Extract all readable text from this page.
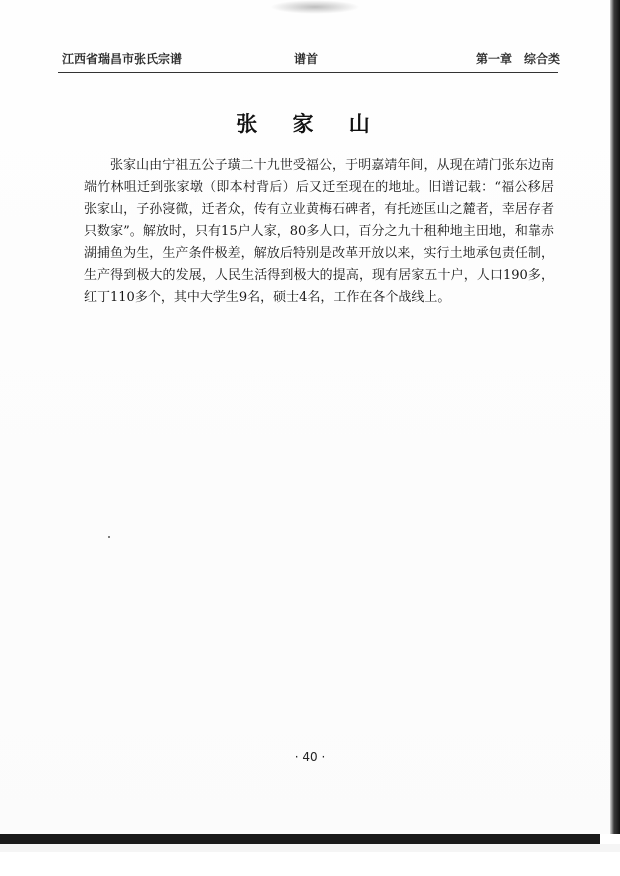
江西省瑞昌市张氏宗谱	谱首	第一章　综合类
张 家 山

张家山由宁祖五公子璜二十九世受福公，于明嘉靖年间，从现在靖门张东边南端竹林咀迁到张家墩（即本村背后）后又迁至现在的地址。旧谱记载：“福公移居张家山，子孙寖微，迁者众，传有立业黄梅石碑者，有托迹匡山之麓者，幸居存者只数家”。解放时，只有15户人家，80多人口，百分之九十租种地主田地，和靠赤湖捕鱼为生，生产条件极差，解放后特别是改革开放以来，实行土地承包责任制，生产得到极大的发展，人民生活得到极大的提高，现有居家五十户，人口190多，红丁110多个，其中大学生9名，硕士4名，工作在各个战线上。

· 40 ·
